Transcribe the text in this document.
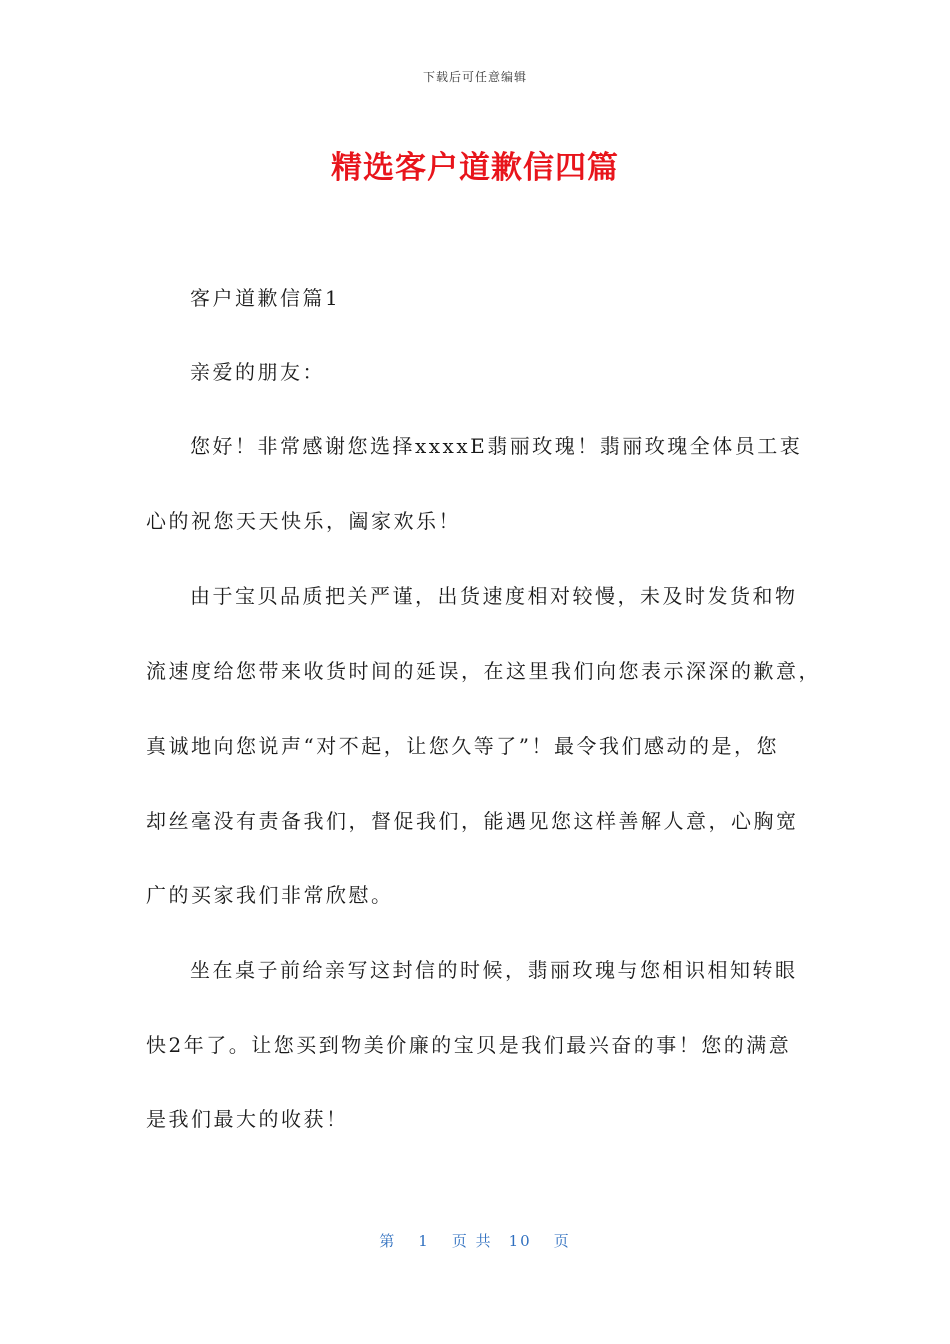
下载后可任意编辑
精选客户道歉信四篇
客户道歉信篇1
亲爱的朋友：
您好！非常感谢您选择xxxxE翡丽玫瑰！翡丽玫瑰全体员工衷
心的祝您天天快乐，阖家欢乐！
由于宝贝品质把关严谨，出货速度相对较慢，未及时发货和物
流速度给您带来收货时间的延误，在这里我们向您表示深深的歉意，
真诚地向您说声“对不起，让您久等了”！最令我们感动的是，您
却丝毫没有责备我们，督促我们，能遇见您这样善解人意，心胸宽
广的买家我们非常欣慰。
坐在桌子前给亲写这封信的时候，翡丽玫瑰与您相识相知转眼
快2年了。让您买到物美价廉的宝贝是我们最兴奋的事！您的满意
是我们最大的收获！
第 1 页 共 10 页
